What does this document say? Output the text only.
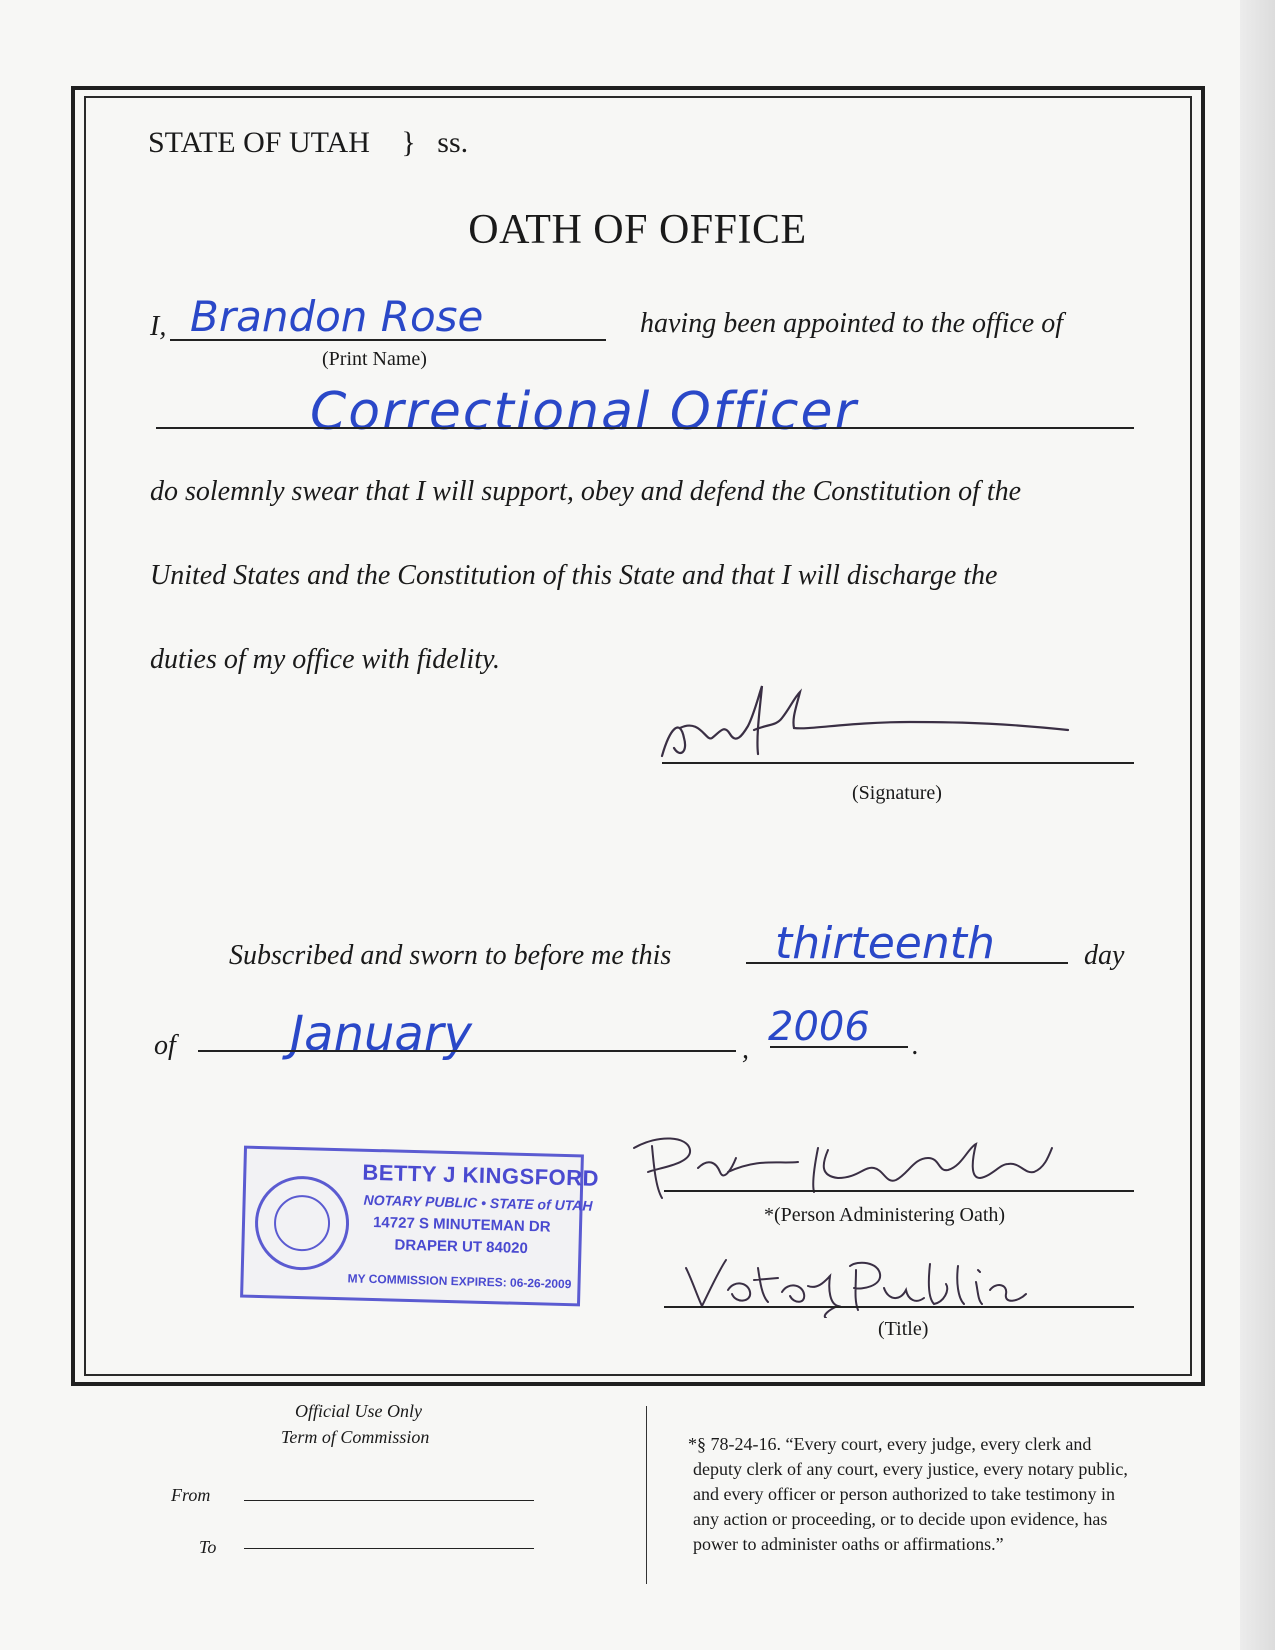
STATE OF UTAH } ss.
OATH OF OFFICE
I, Brandon Rose
(Print Name)
having been appointed to the office of
Correctional Officer
do solemnly swear that I will support, obey and defend the Constitution of the
United States and the Constitution of this State and that I will discharge the
duties of my office with fidelity.
(Signature)
Subscribed and sworn to before me this thirteenth	day
of January	, 2006 .
BETTY J KINGSFORD
NOTARY PUBLIC • STATE of UTAH
14727 S MINUTEMAN DR
DRAPER UT 84020
MY COMMISSION EXPIRES: 06-26-2009
*(Person Administering Oath)
(Title)
Official Use Only
Term of Commission
From
To
*§ 78-24-16. “Every court, every judge, every clerk and
deputy clerk of any court, every justice, every notary public,
and every officer or person authorized to take testimony in
any action or proceeding, or to decide upon evidence, has
power to administer oaths or affirmations.”
